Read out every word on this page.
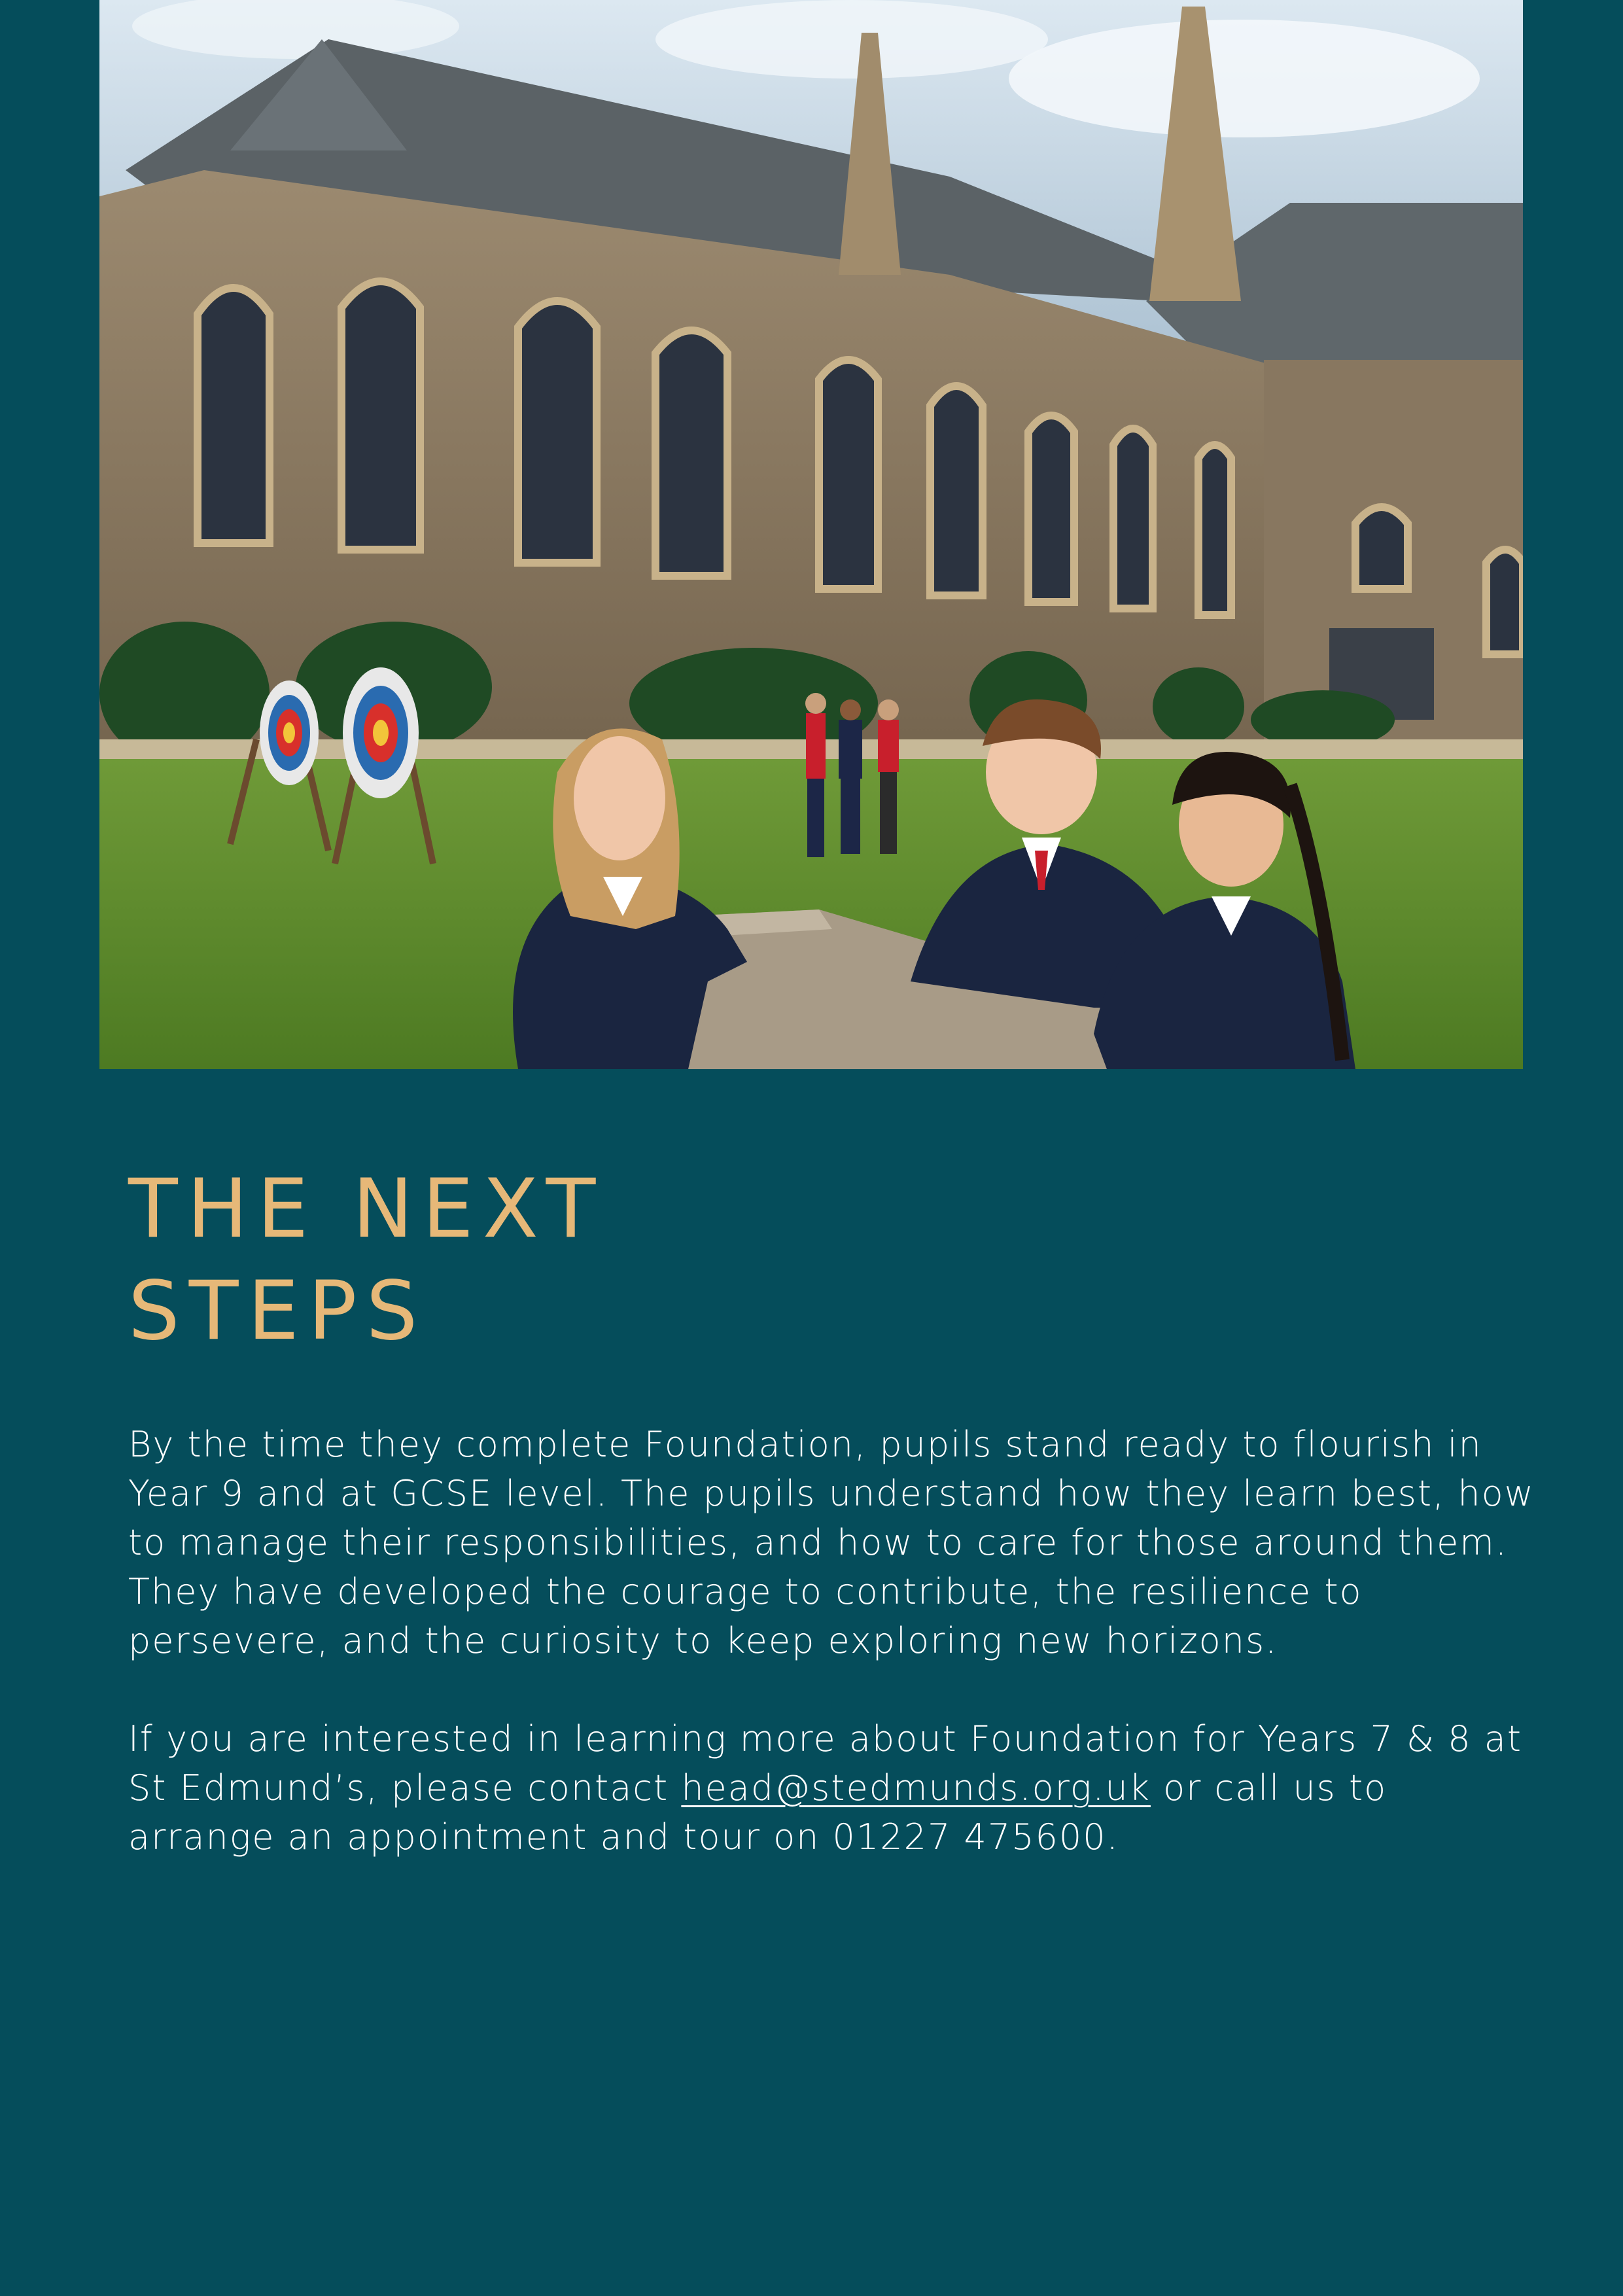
THE NEXT
STEPS

By the time they complete Foundation, pupils stand ready to flourish in Year 9 and at GCSE level. The pupils understand how they learn best, how to manage their responsibilities, and how to care for those around them. They have developed the courage to contribute, the resilience to persevere, and the curiosity to keep exploring new horizons.

If you are interested in learning more about Foundation for Years 7 & 8 at St Edmund’s, please contact head@stedmunds.org.uk or call us to arrange an appointment and tour on 01227 475600.
